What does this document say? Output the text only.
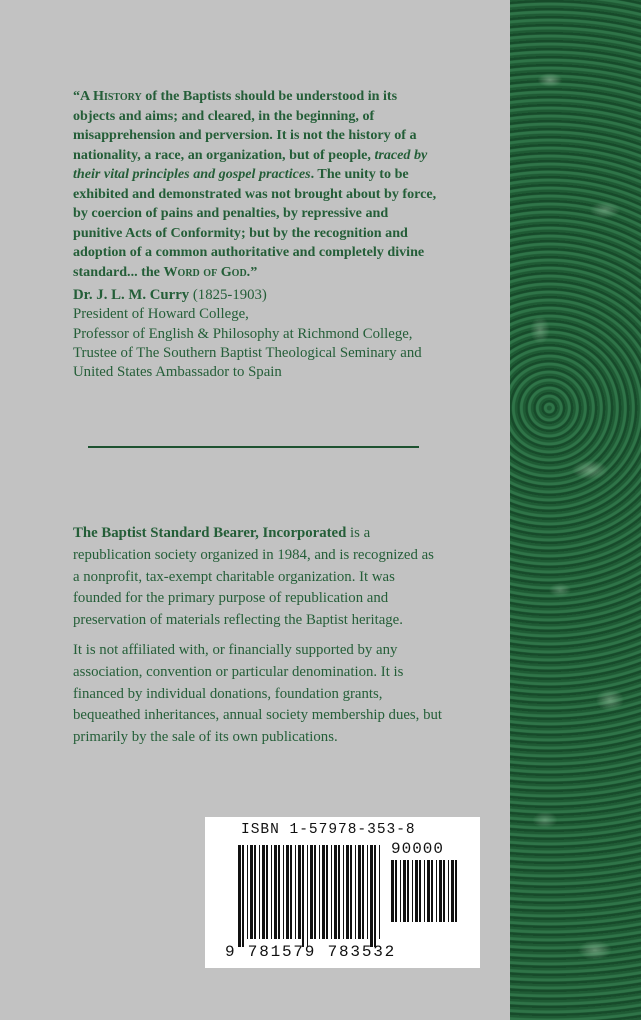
“A History of the Baptists should be understood in its objects and aims; and cleared, in the beginning, of misapprehension and perversion. It is not the history of a nationality, a race, an organization, but of people, traced by their vital principles and gospel practices. The unity to be exhibited and demonstrated was not brought about by force, by coercion of pains and penalties, by repressive and punitive Acts of Conformity; but by the recognition and adoption of a common authoritative and completely divine standard... the Word of God.”

Dr. J. L. M. Curry (1825-1903)
President of Howard College,
Professor of English & Philosophy at Richmond College,
Trustee of The Southern Baptist Theological Seminary and
United States Ambassador to Spain

The Baptist Standard Bearer, Incorporated is a republication society organized in 1984, and is recognized as a nonprofit, tax-exempt charitable organization. It was founded for the primary purpose of republication and preservation of materials reflecting the Baptist heritage.

It is not affiliated with, or financially supported by any association, convention or particular denomination. It is financed by individual donations, foundation grants, bequeathed inheritances, annual society membership dues, but primarily by the sale of its own publications.

ISBN 1-57978-353-8

90000

9 781579 783532
